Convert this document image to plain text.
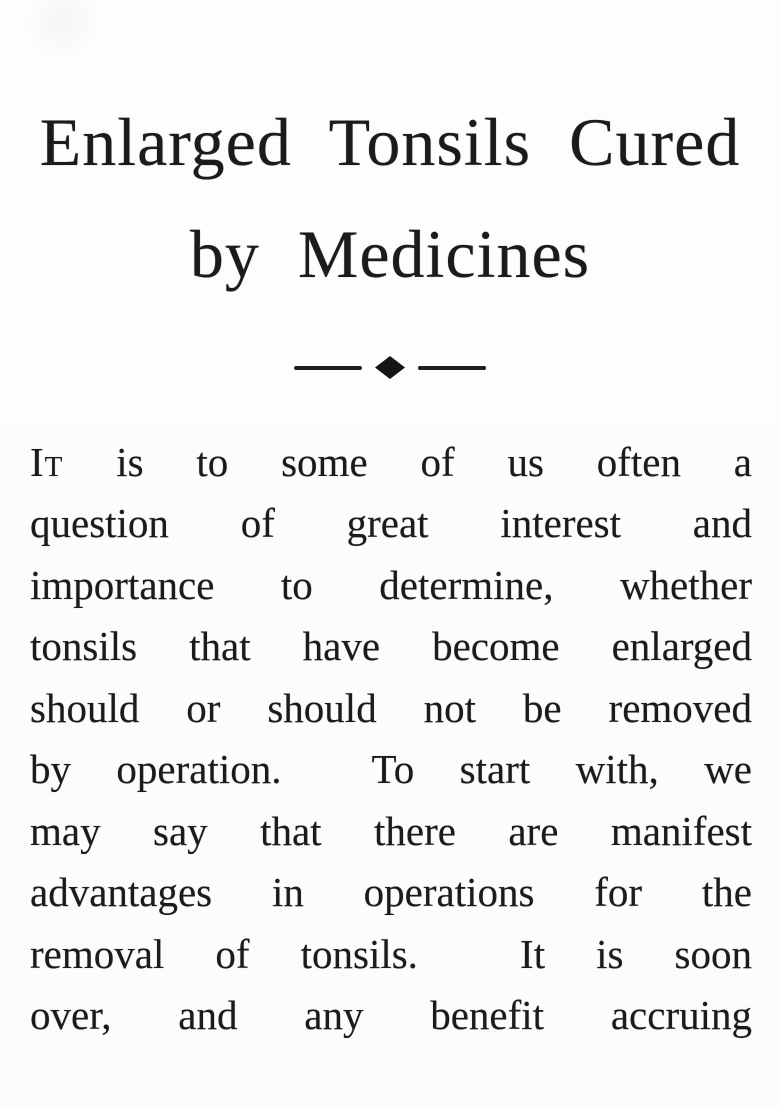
Enlarged Tonsils Cured
by Medicines
It is to some of us often a
question of great interest and
importance to determine, whether
tonsils that have become enlarged
should or should not be removed
by operation.  To start with, we
may say that there are manifest
advantages in operations for the
removal of tonsils.  It is soon
over, and any benefit accruing
